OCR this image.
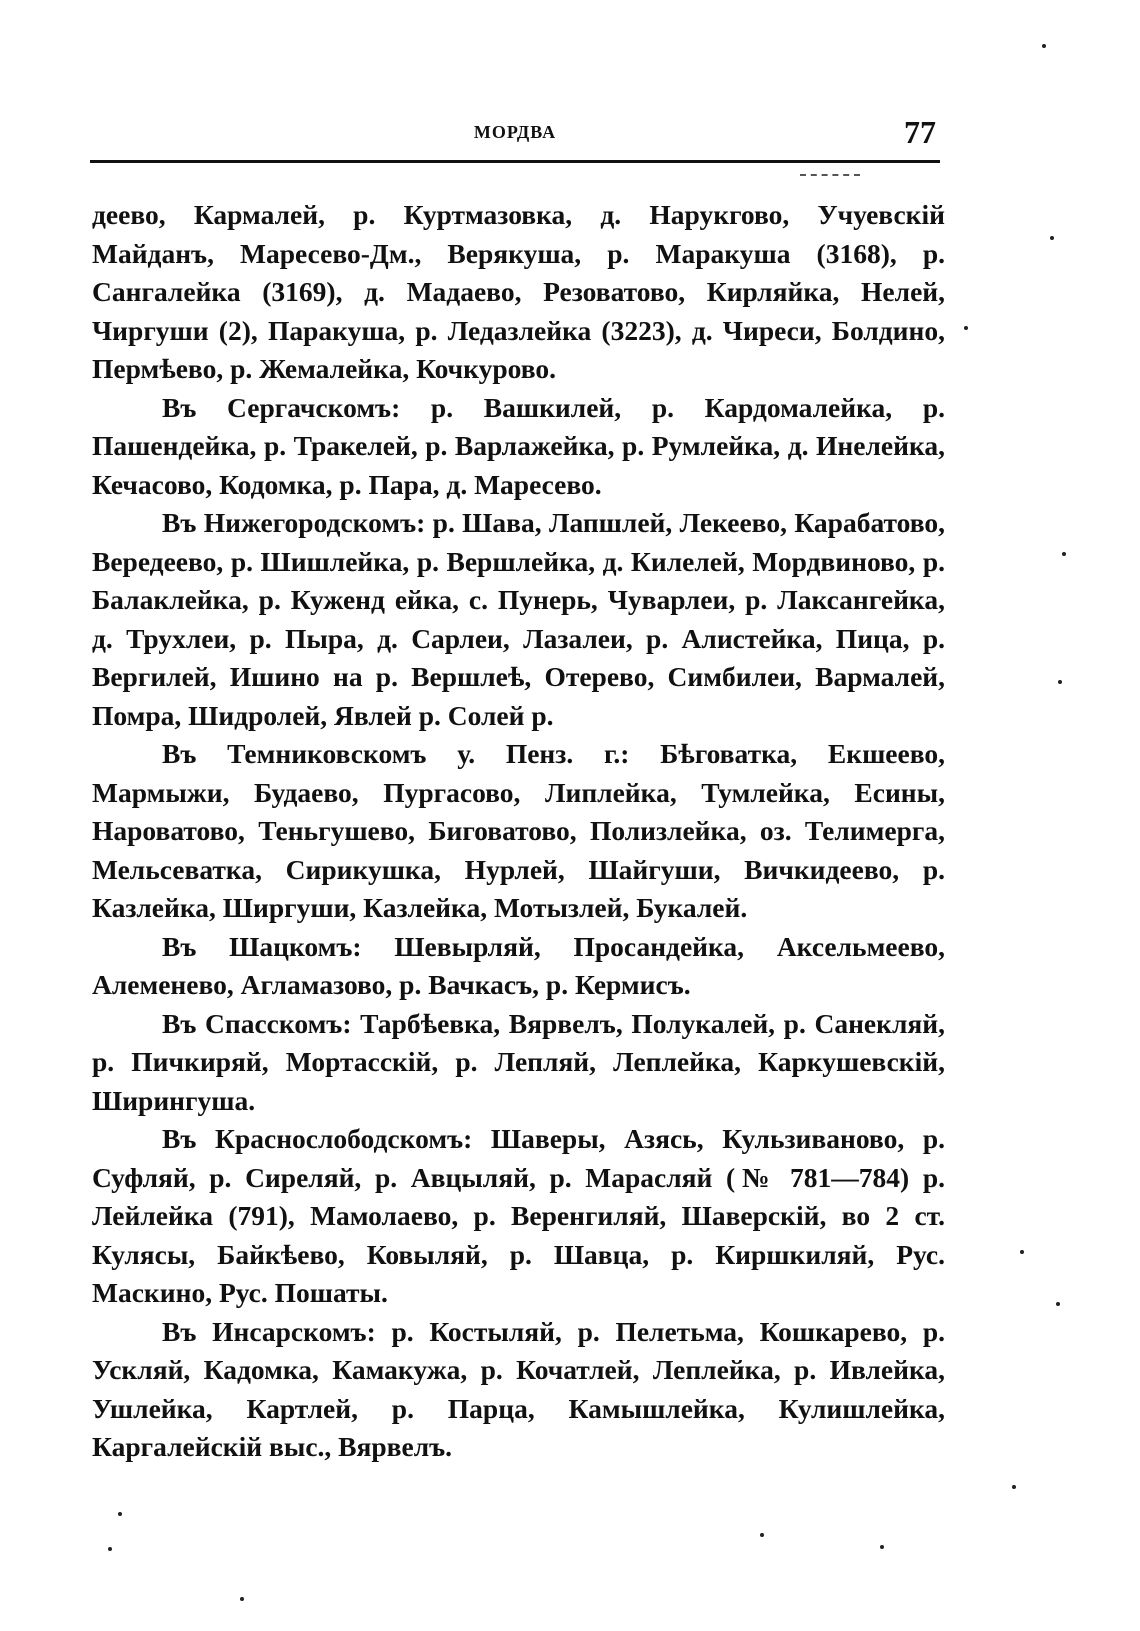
МОРДВА	77

деево, Кармалей, р. Куртмазовка, д. Нарукгово, Учуевскій Майданъ, Маресево-Дм., Верякуша, р. Маракуша (3168), р. Сангалейка (3169), д. Мадаево, Резоватово, Кирляйка, Нелей, Чиргуши (2), Паракуша, р. Ледазлейка (3223), д. Чиреси, Болдино, Пермѣево, р. Жемалейка, Кочкурово.

Въ Сергачскомъ: р. Вашкилей, р. Кардомалейка, р. Пашендейка, р. Тракелей, р. Варлажейка, р. Румлейка, д. Инелейка, Кечасово, Кодомка, р. Пара, д. Маресево.

Въ Нижегородскомъ: р. Шава, Лапшлей, Лекеево, Карабатово, Вередеево, р. Шишлейка, р. Вершлейка, д. Килелей, Мордвиново, р. Балаклейка, р. Куженд ейка, с. Пунерь, Чуварлеи, р. Лаксангейка, д. Трухлеи, р. Пыра, д. Сарлеи, Лазалеи, р. Алистейка, Пица, р. Вергилей, Ишино на р. Вершлеѣ, Отерево, Симбилеи, Вармалей, Помра, Шидролей, Явлей р. Солей р.

Въ Темниковскомъ у. Пенз. г.: Бѣговатка, Екшеево, Мармыжи, Будаево, Пургасово, Липлейка, Тумлейка, Есины, Нароватово, Теньгушево, Биговатово, Полизлейка, оз. Телимерга, Мельсеватка, Сирикушка, Нурлей, Шайгуши, Вичкидеево, р. Казлейка, Ширгуши, Казлейка, Мотызлей, Букалей.

Въ Шацкомъ: Шевырляй, Просандейка, Аксельмеево, Алеменево, Агламазово, р. Вачкасъ, р. Кермисъ.

Въ Спасскомъ: Тарбѣевка, Вярвелъ, Полукалей, р. Санекляй, р. Пичкиряй, Мортасскій, р. Лепляй, Леплейка, Каркушевскій, Ширингуша.

Въ Краснослободскомъ: Шаверы, Азясь, Кульзиваново, р. Суфляй, р. Сиреляй, р. Авцыляй, р. Марасляй (№ 781—784) р. Лейлейка (791), Мамолаево, р. Веренгиляй, Шаверскій, во 2 ст. Кулясы, Байкѣево, Ковыляй, р. Шавца, р. Киршкиляй, Рус. Маскино, Рус. Пошаты.

Въ Инсарскомъ: р. Костыляй, р. Пелетьма, Кошкарево, р. Ускляй, Кадомка, Камакужа, р. Кочатлей, Леплейка, р. Ивлейка, Ушлейка, Картлей, р. Парца, Камышлейка, Кулишлейка, Каргалейскій выс., Вярвелъ.
